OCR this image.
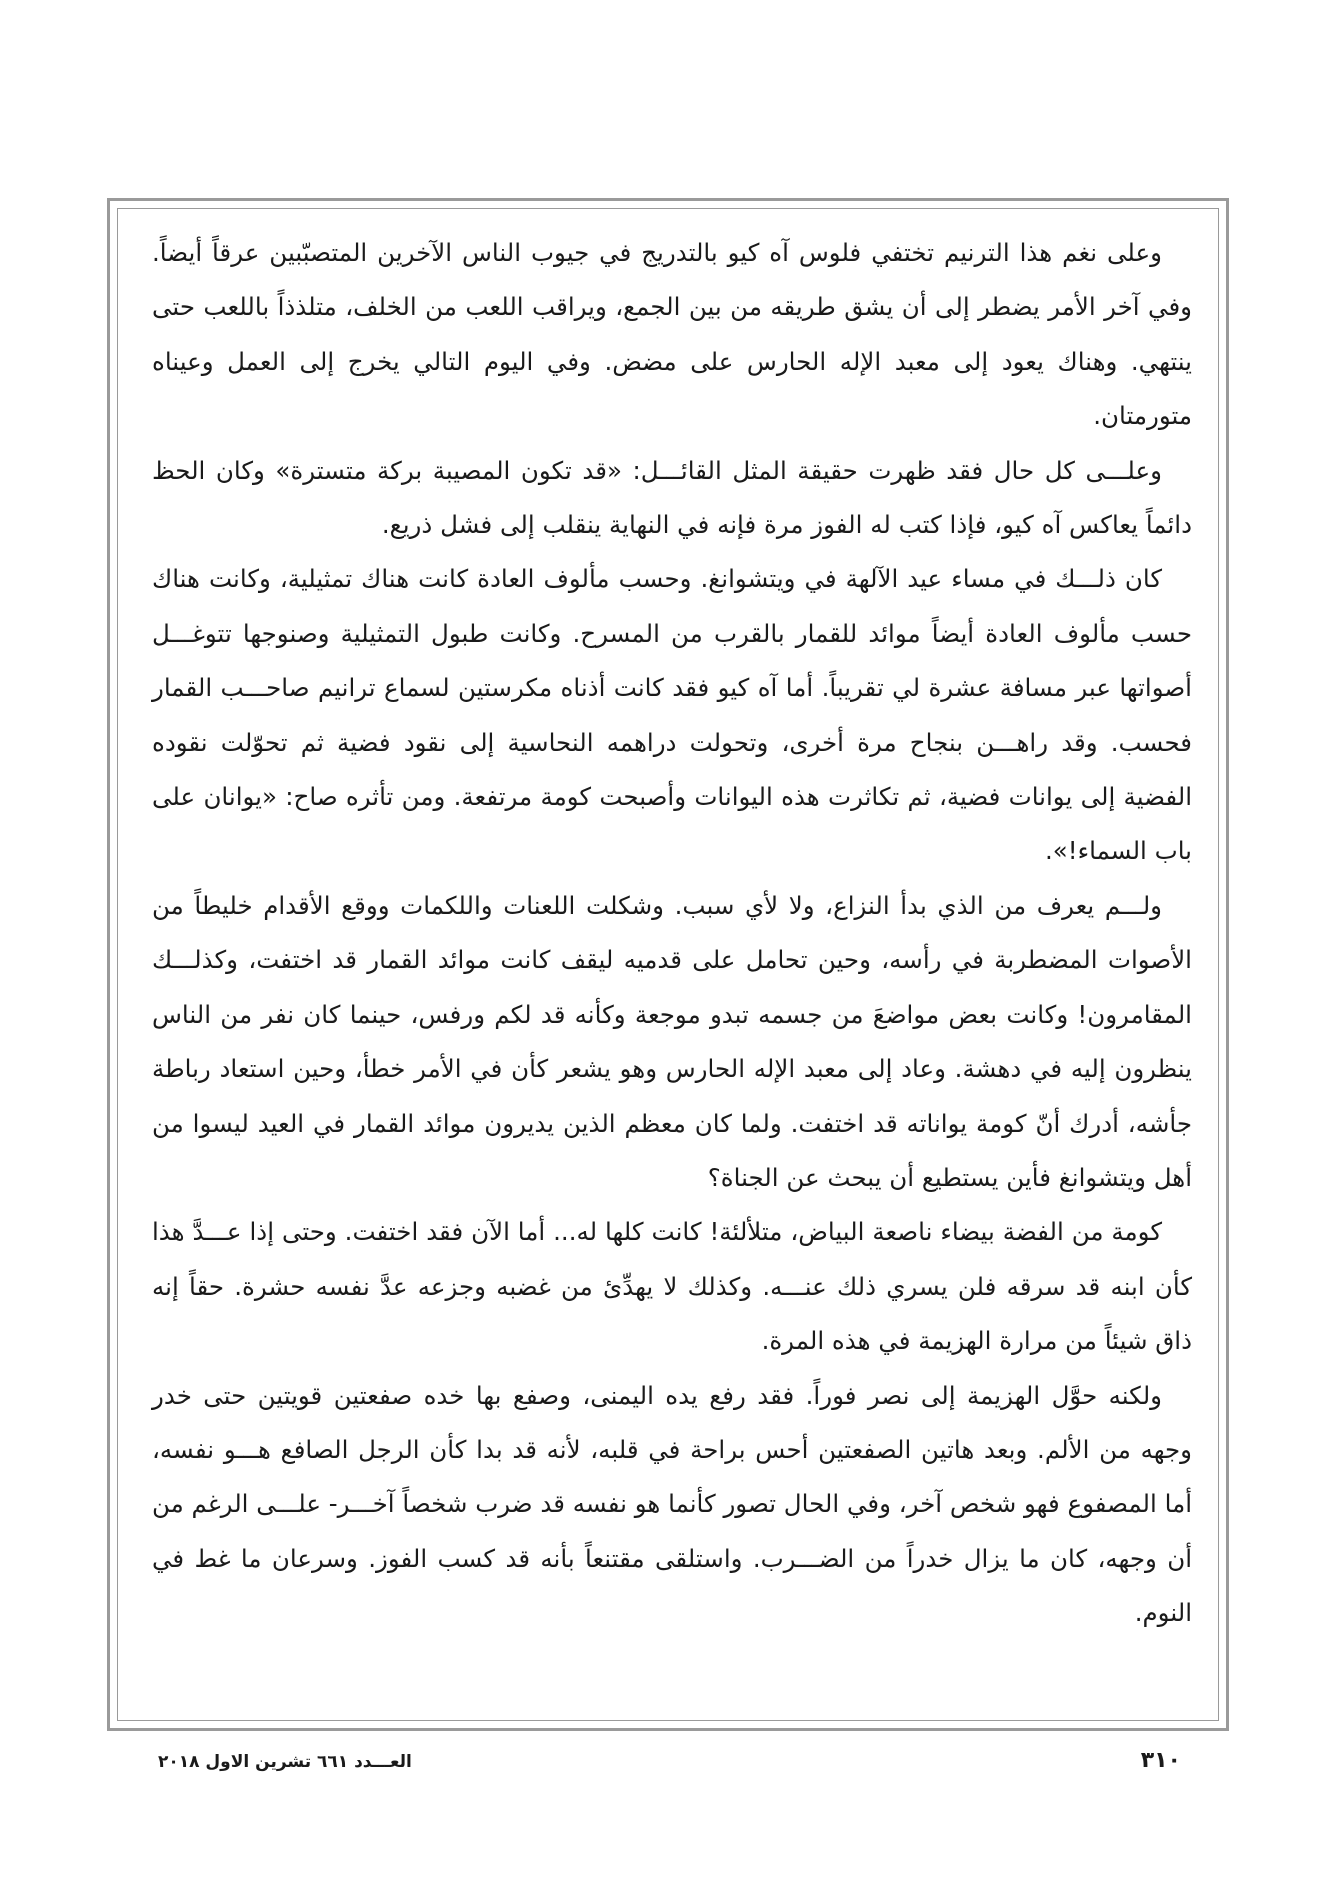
وعلى نغم هذا الترنيم تختفي فلوس آه كيو بالتدريج في جيوب الناس الآخرين المتصبّبين عرقاً أيضاً. وفي آخر الأمر يضطر إلى أن يشق طريقه من بين الجمع، ويراقب اللعب من الخلف، متلذذاً باللعب حتى ينتهي. وهناك يعود إلى معبد الإله الحارس على مضض. وفي اليوم التالي يخرج إلى العمل وعيناه متورمتان.

وعلـــى كل حال فقد ظهرت حقيقة المثل القائـــل: «قد تكون المصيبة بركة متسترة» وكان الحظ دائماً يعاكس آه كيو، فإذا كتب له الفوز مرة فإنه في النهاية ينقلب إلى فشل ذريع.

كان ذلـــك في مساء عيد الآلهة في ويتشوانغ. وحسب مألوف العادة كانت هناك تمثيلية، وكانت هناك حسب مألوف العادة أيضاً موائد للقمار بالقرب من المسرح. وكانت طبول التمثيلية وصنوجها تتوغـــل أصواتها عبر مسافة عشرة لي تقريباً. أما آه كيو فقد كانت أذناه مكرستين لسماع ترانيم صاحـــب القمار فحسب. وقد راهـــن بنجاح مرة أخرى، وتحولت دراهمه النحاسية إلى نقود فضية ثم تحوّلت نقوده الفضية إلى يوانات فضية، ثم تكاثرت هذه اليوانات وأصبحت كومة مرتفعة. ومن تأثره صاح: «يوانان على باب السماء!».

ولـــم يعرف من الذي بدأ النزاع، ولا لأي سبب. وشكلت اللعنات واللكمات ووقع الأقدام خليطاً من الأصوات المضطربة في رأسه، وحين تحامل على قدميه ليقف كانت موائد القمار قد اختفت، وكذلـــك المقامرون! وكانت بعض مواضعَ من جسمه تبدو موجعة وكأنه قد لكم ورفس، حينما كان نفر من الناس ينظرون إليه في دهشة. وعاد إلى معبد الإله الحارس وهو يشعر كأن في الأمر خطأ، وحين استعاد رباطة جأشه، أدرك أنّ كومة يواناته قد اختفت. ولما كان معظم الذين يديرون موائد القمار في العيد ليسوا من أهل ويتشوانغ فأين يستطيع أن يبحث عن الجناة؟

كومة من الفضة بيضاء ناصعة البياض، متلألئة! كانت كلها له... أما الآن فقد اختفت. وحتى إذا عـــدَّ هذا كأن ابنه قد سرقه فلن يسري ذلك عنـــه. وكذلك لا يهدِّئ من غضبه وجزعه عدَّ نفسه حشرة. حقاً إنه ذاق شيئاً من مرارة الهزيمة في هذه المرة.

ولكنه حوَّل الهزيمة إلى نصر فوراً. فقد رفع يده اليمنى، وصفع بها خده صفعتين قويتين حتى خدر وجهه من الألم. وبعد هاتين الصفعتين أحس براحة في قلبه، لأنه قد بدا كأن الرجل الصافع هـــو نفسه، أما المصفوع فهو شخص آخر، وفي الحال تصور كأنما هو نفسه قد ضرب شخصاً آخـــر- علـــى الرغم من أن وجهه، كان ما يزال خدراً من الضـــرب. واستلقى مقتنعاً بأنه قد كسب الفوز. وسرعان ما غط في النوم.

العـــدد ٦٦١ تشرين الاول ٢٠١٨	٣١٠
